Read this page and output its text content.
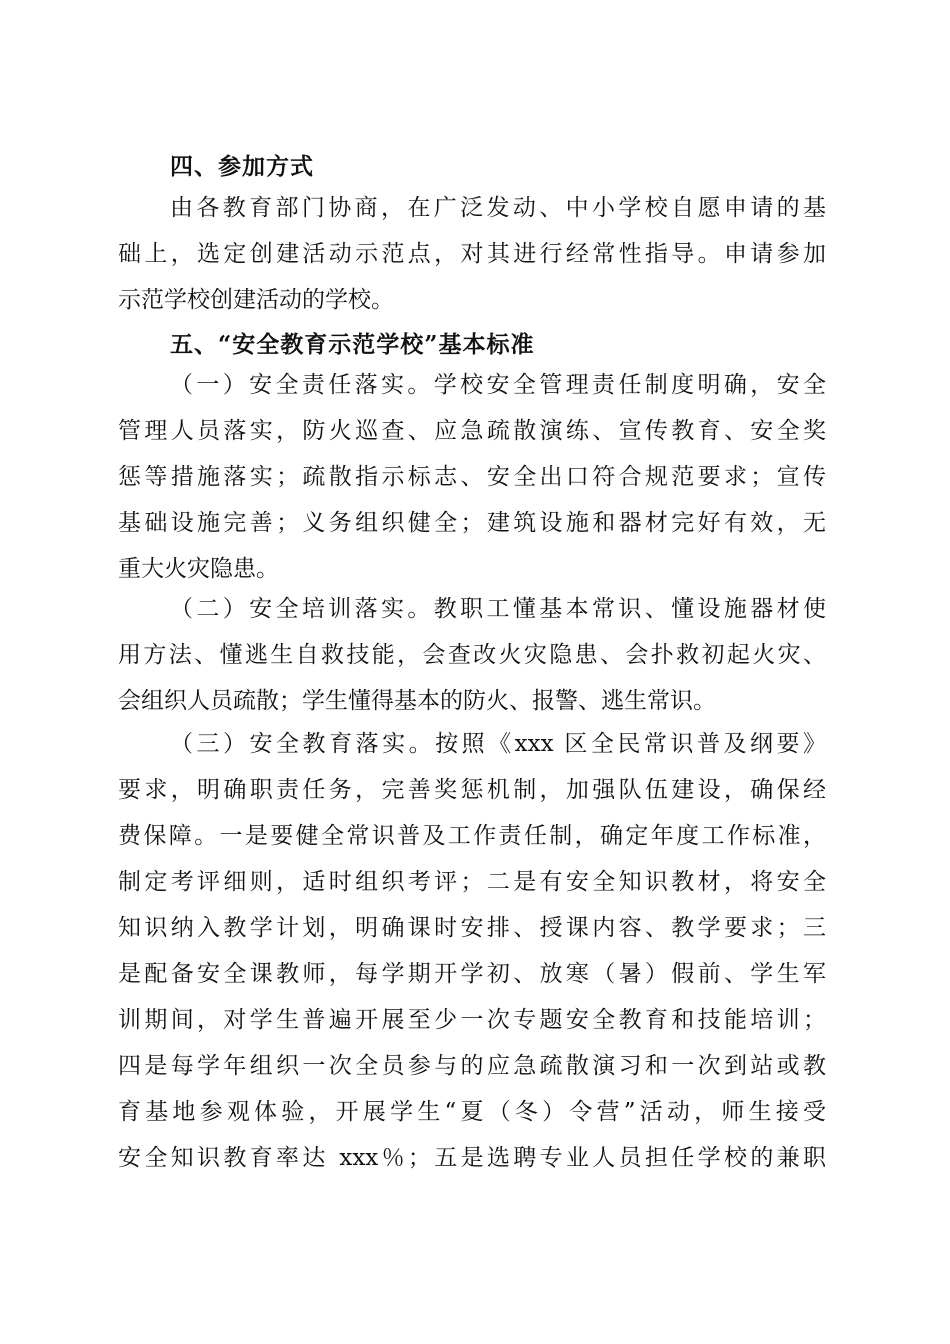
四、参加方式
由各教育部门协商，在广泛发动、中小学校自愿申请的基
础上，选定创建活动示范点，对其进行经常性指导。申请参加
示范学校创建活动的学校。
五、“安全教育示范学校”基本标准
（一）安全责任落实。学校安全管理责任制度明确，安全
管理人员落实，防火巡查、应急疏散演练、宣传教育、安全奖
惩等措施落实；疏散指示标志、安全出口符合规范要求；宣传
基础设施完善；义务组织健全；建筑设施和器材完好有效，无
重大火灾隐患。
（二）安全培训落实。教职工懂基本常识、懂设施器材使
用方法、懂逃生自救技能，会查改火灾隐患、会扑救初起火灾、
会组织人员疏散；学生懂得基本的防火、报警、逃生常识。
（三）安全教育落实。按照《xxx 区全民常识普及纲要》
要求，明确职责任务，完善奖惩机制，加强队伍建设，确保经
费保障。一是要健全常识普及工作责任制，确定年度工作标准，
制定考评细则，适时组织考评；二是有安全知识教材，将安全
知识纳入教学计划，明确课时安排、授课内容、教学要求；三
是配备安全课教师，每学期开学初、放寒（暑）假前、学生军
训期间，对学生普遍开展至少一次专题安全教育和技能培训；
四是每学年组织一次全员参与的应急疏散演习和一次到站或教
育基地参观体验，开展学生“夏（冬）令营”活动，师生接受
安全知识教育率达 xxx％；五是选聘专业人员担任学校的兼职
